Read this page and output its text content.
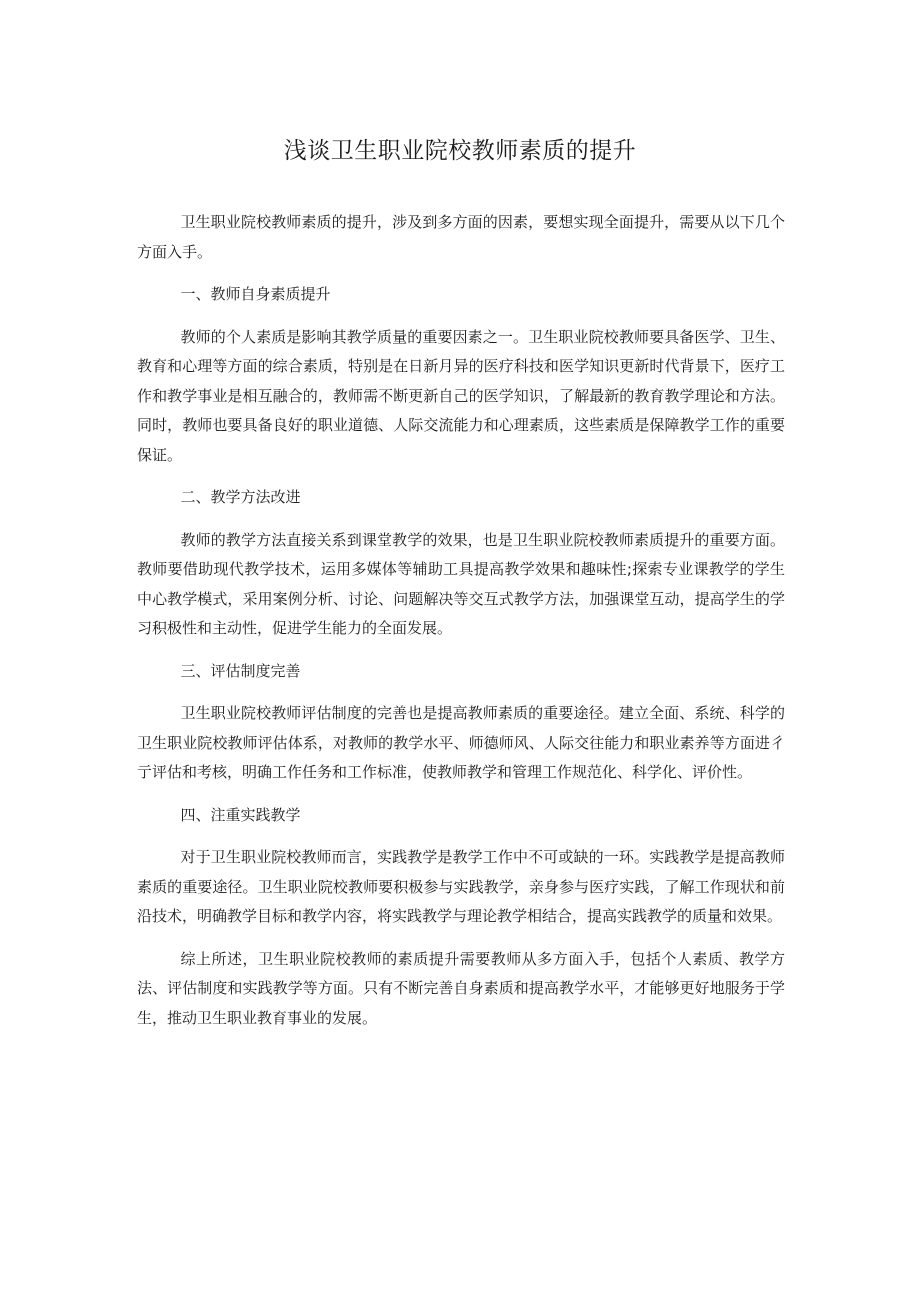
浅谈卫生职业院校教师素质的提升

卫生职业院校教师素质的提升，涉及到多方面的因素，要想实现全面提升，需要从以下几个方面入手。

一、教师自身素质提升

教师的个人素质是影响其教学质量的重要因素之一。卫生职业院校教师要具备医学、卫生、教育和心理等方面的综合素质，特别是在日新月异的医疗科技和医学知识更新时代背景下，医疗工作和教学事业是相互融合的，教师需不断更新自己的医学知识，了解最新的教育教学理论和方法。同时，教师也要具备良好的职业道德、人际交流能力和心理素质，这些素质是保障教学工作的重要保证。

二、教学方法改进

教师的教学方法直接关系到课堂教学的效果，也是卫生职业院校教师素质提升的重要方面。教师要借助现代教学技术，运用多媒体等辅助工具提高教学效果和趣味性;探索专业课教学的学生中心教学模式，采用案例分析、讨论、问题解决等交互式教学方法，加强课堂互动，提高学生的学习积极性和主动性，促进学生能力的全面发展。

三、评估制度完善

卫生职业院校教师评估制度的完善也是提高教师素质的重要途径。建立全面、系统、科学的卫生职业院校教师评估体系，对教师的教学水平、师德师风、人际交往能力和职业素养等方面进彳亍评估和考核，明确工作任务和工作标准，使教师教学和管理工作规范化、科学化、评价性。

四、注重实践教学

对于卫生职业院校教师而言，实践教学是教学工作中不可或缺的一环。实践教学是提高教师素质的重要途径。卫生职业院校教师要积极参与实践教学，亲身参与医疗实践，了解工作现状和前沿技术，明确教学目标和教学内容，将实践教学与理论教学相结合，提高实践教学的质量和效果。

综上所述，卫生职业院校教师的素质提升需要教师从多方面入手，包括个人素质、教学方法、评估制度和实践教学等方面。只有不断完善自身素质和提高教学水平，才能够更好地服务于学生，推动卫生职业教育事业的发展。
